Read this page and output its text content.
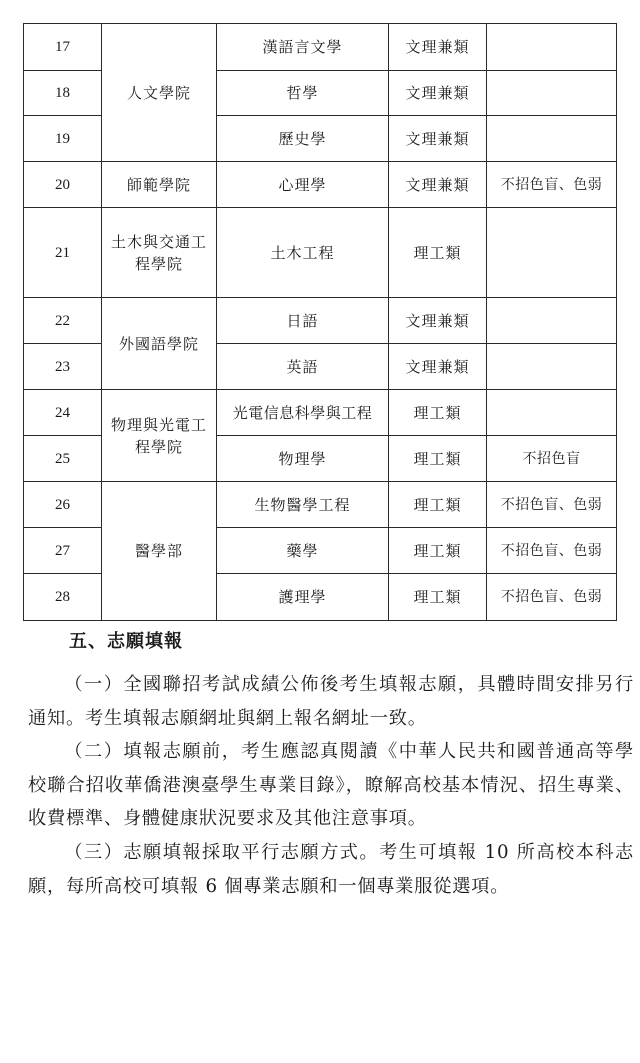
17	人文學院	漢語言文學	文理兼類	
18		哲學	文理兼類	
19		歷史學	文理兼類	
20	師範學院	心理學	文理兼類	不招色盲、色弱
21	土木與交通工程學院	土木工程	理工類	
22	外國語學院	日語	文理兼類	
23		英語	文理兼類	
24	物理與光電工程學院	光電信息科學與工程	理工類	
25		物理學	理工類	不招色盲
26	醫學部	生物醫學工程	理工類	不招色盲、色弱
27		藥學	理工類	不招色盲、色弱
28		護理學	理工類	不招色盲、色弱
五、志願填報

（一）全國聯招考試成績公佈後考生填報志願，具體時間安排另行通知。考生填報志願網址與網上報名網址一致。

（二）填報志願前，考生應認真閱讀《中華人民共和國普通高等學校聯合招收華僑港澳臺學生專業目錄》，瞭解高校基本情況、招生專業、收費標準、身體健康狀況要求及其他注意事項。

（三）志願填報採取平行志願方式。考生可填報 10 所高校本科志願，每所高校可填報 6 個專業志願和一個專業服從選項。
